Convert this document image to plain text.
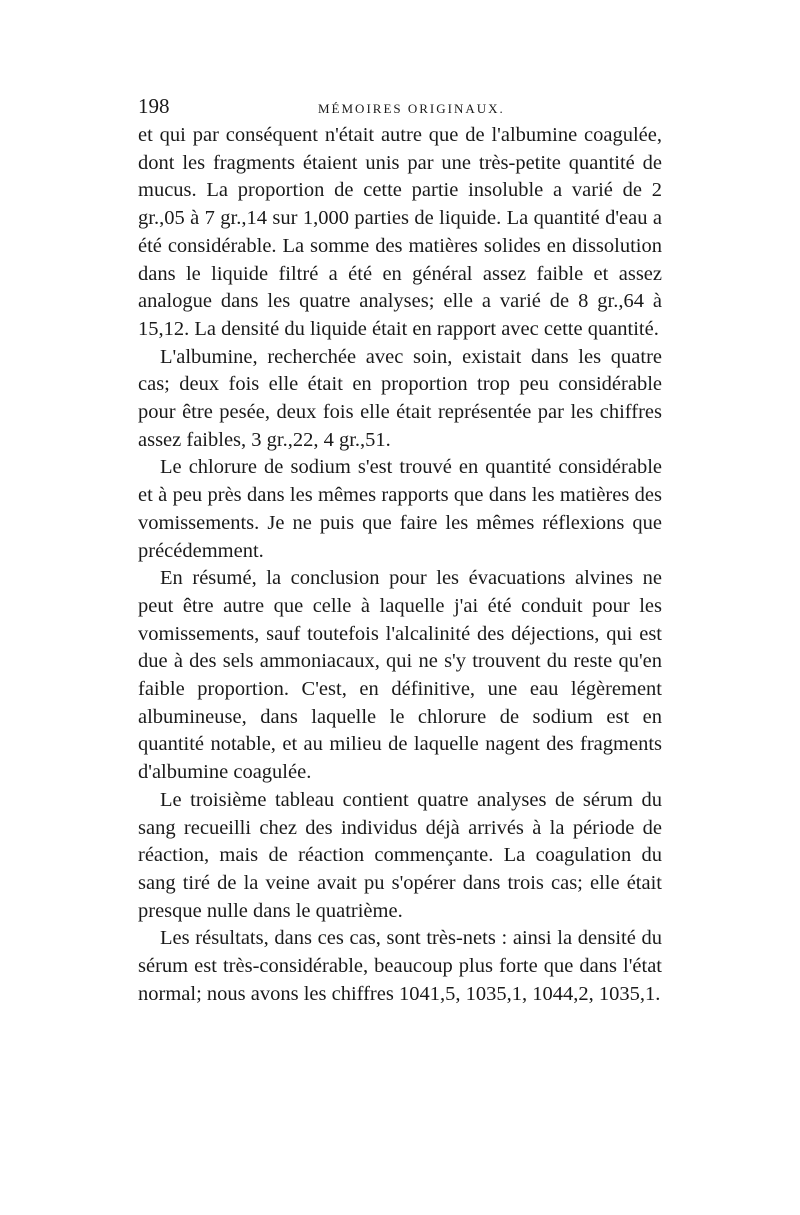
198	MÉMOIRES ORIGINAUX.

et qui par conséquent n'était autre que de l'albumine coagulée, dont les fragments étaient unis par une très-petite quantité de mucus. La proportion de cette partie insoluble a varié de 2 gr.,05 à 7 gr.,14 sur 1,000 parties de liquide. La quantité d'eau a été considérable. La somme des matières solides en dissolution dans le liquide filtré a été en général assez faible et assez analogue dans les quatre analyses; elle a varié de 8 gr.,64 à 15,12. La densité du liquide était en rapport avec cette quantité.

L'albumine, recherchée avec soin, existait dans les quatre cas; deux fois elle était en proportion trop peu considérable pour être pesée, deux fois elle était représentée par les chiffres assez faibles, 3 gr.,22, 4 gr.,51.

Le chlorure de sodium s'est trouvé en quantité considérable et à peu près dans les mêmes rapports que dans les matières des vomissements. Je ne puis que faire les mêmes réflexions que précédemment.

En résumé, la conclusion pour les évacuations alvines ne peut être autre que celle à laquelle j'ai été conduit pour les vomissements, sauf toutefois l'alcalinité des déjections, qui est due à des sels ammoniacaux, qui ne s'y trouvent du reste qu'en faible proportion. C'est, en définitive, une eau légèrement albumineuse, dans laquelle le chlorure de sodium est en quantité notable, et au milieu de laquelle nagent des fragments d'albumine coagulée.

Le troisième tableau contient quatre analyses de sérum du sang recueilli chez des individus déjà arrivés à la période de réaction, mais de réaction commençante. La coagulation du sang tiré de la veine avait pu s'opérer dans trois cas; elle était presque nulle dans le quatrième.

Les résultats, dans ces cas, sont très-nets : ainsi la densité du sérum est très-considérable, beaucoup plus forte que dans l'état normal; nous avons les chiffres 1041,5, 1035,1, 1044,2, 1035,1.
